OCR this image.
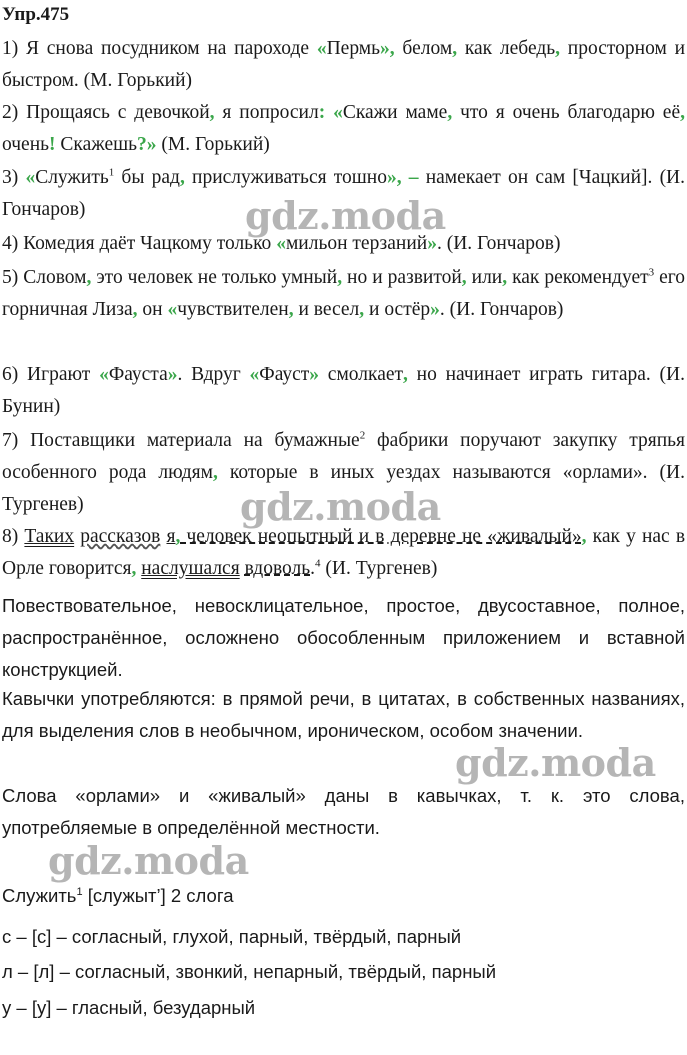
Упр.475
1) Я снова посудником на пароходе «Пермь», белом, как лебедь, просторном и быстром. (М. Горький)
2) Прощаясь с девочкой, я попросил: «Скажи маме, что я очень благодарю её, очень! Скажешь?» (М. Горький)
3) «Служить$^1$ бы рад, прислуживаться тошно», – намекает он сам [Чацкий]. (И. Гончаров)
4) Комедия даёт Чацкому только «мильон терзаний». (И. Гончаров)
5) Словом, это человек не только умный, но и развитой, или, как рекомендует$^3$ его горничная Лиза, он «чувствителен, и весел, и остёр». (И. Гончаров)
6) Играют «Фауста». Вдруг «Фауст» смолкает, но начинает играть гитара. (И. Бунин)
7) Поставщики материала на бумажные$^2$ фабрики поручают закупку тряпья особенного рода людям, которые в иных уездах называются «орлами». (И. Тургенев)
8) Таких рассказов я, человек неопытный и в деревне не «живалый», как у нас в Орле говорится, наслушался вдоволь.$^4$ (И. Тургенев)
Повествовательное, невосклицательное, простое, двусоставное, полное, распространённое, осложнено обособленным приложением и вставной конструкцией.
Кавычки употребляются: в прямой речи, в цитатах, в собственных названиях, для выделения слов в необычном, ироническом, особом значении.
Слова «орлами» и «живалый» даны в кавычках, т. к. это слова, употребляемые в определённой местности.
Служить$^1$ [служыт’] 2 слога
с – [с] – согласный, глухой, парный, твёрдый, парный
л – [л] – согласный, звонкий, непарный, твёрдый, парный
у – [у] – гласный, безударный
gdz.moda
gdz.moda
gdz.moda
gdz.moda
